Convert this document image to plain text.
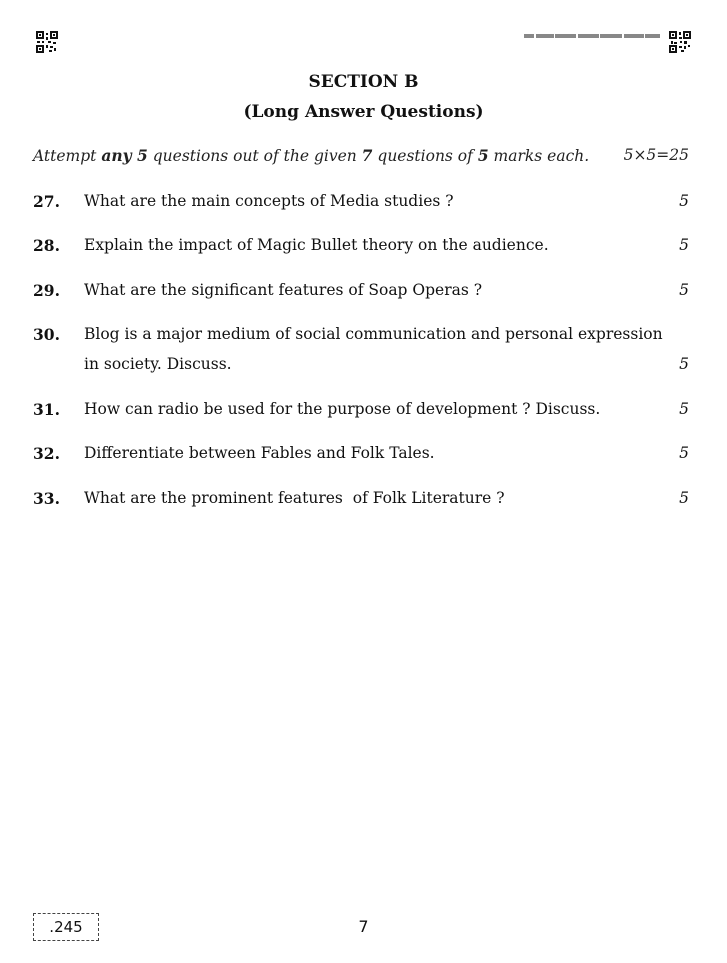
SECTION B
(Long Answer Questions)
Attempt any 5 questions out of the given 7 questions of 5 marks each. 5×5=25
27. What are the main concepts of Media studies ?	5
28. Explain the impact of Magic Bullet theory on the audience.	5
29. What are the significant features of Soap Operas ?	5
30. Blog is a major medium of social communication and personal expression
in society. Discuss.	5
31. How can radio be used for the purpose of development ? Discuss.	5
32. Differentiate between Fables and Folk Tales.	5
33. What are the prominent features  of Folk Literature ?	5
.245	7
